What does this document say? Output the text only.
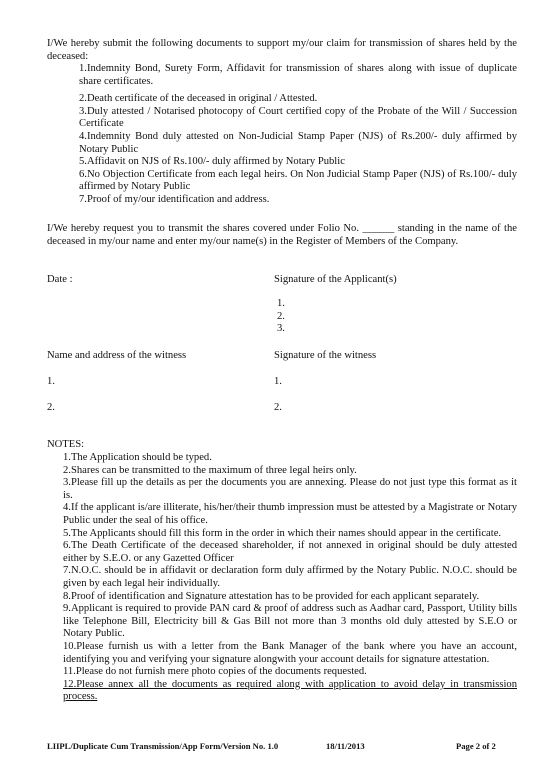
I/We hereby submit the following documents to support my/our claim for transmission of shares held by the deceased:
1.Indemnity Bond, Surety Form, Affidavit for transmission of shares along with issue of duplicate share certificates.
2.Death certificate of the deceased in original / Attested.
3.Duly attested / Notarised photocopy of Court certified copy of the Probate of the Will / Succession Certificate
4.Indemnity Bond duly attested on Non-Judicial Stamp Paper (NJS) of Rs.200/- duly affirmed by Notary Public
5.Affidavit on NJS of Rs.100/- duly affirmed by Notary Public
6.No Objection Certificate from each legal heirs. On Non Judicial Stamp Paper (NJS) of Rs.100/- duly affirmed by Notary Public
7.Proof of my/our identification and address.
I/We hereby request you to transmit the shares covered under Folio No. ______ standing in the name of the deceased in my/our name and enter my/our name(s) in the Register of Members of the Company.
Date :	Signature of the Applicant(s)
1.
2.
3.
Name and address of the witness	Signature of the witness
1.	1.
2.	2.
NOTES:
1.The Application should be typed.
2.Shares can be transmitted to the maximum of three legal heirs only.
3.Please fill up the details as per the documents you are annexing. Please do not just type this format as it is.
4.If the applicant is/are illiterate, his/her/their thumb impression must be attested by a Magistrate or Notary Public under the seal of his office.
5.The Applicants should fill this form in the order in which their names should appear in the certificate.
6.The Death Certificate of the deceased shareholder, if not annexed in original should be duly attested either by S.E.O. or any Gazetted Officer
7.N.O.C. should be in affidavit or declaration form duly affirmed by the Notary Public. N.O.C. should be given by each legal heir individually.
8.Proof of identification and Signature attestation has to be provided for each applicant separately.
9.Applicant is required to provide PAN card & proof of address such as Aadhar card, Passport, Utility bills like Telephone Bill, Electricity bill & Gas Bill not more than 3 months old duly attested by S.E.O or Notary Public.
10.Please furnish us with a letter from the Bank Manager of the bank where you have an account, identifying you and verifying your signature alongwith your account details for signature attestation.
11.Please do not furnish mere photo copies of the documents requested.
12.Please annex all the documents as required along with application to avoid delay in transmission process.
LIIPL/Duplicate Cum Transmission/App Form/Version No. 1.0	18/11/2013	Page 2 of 2
